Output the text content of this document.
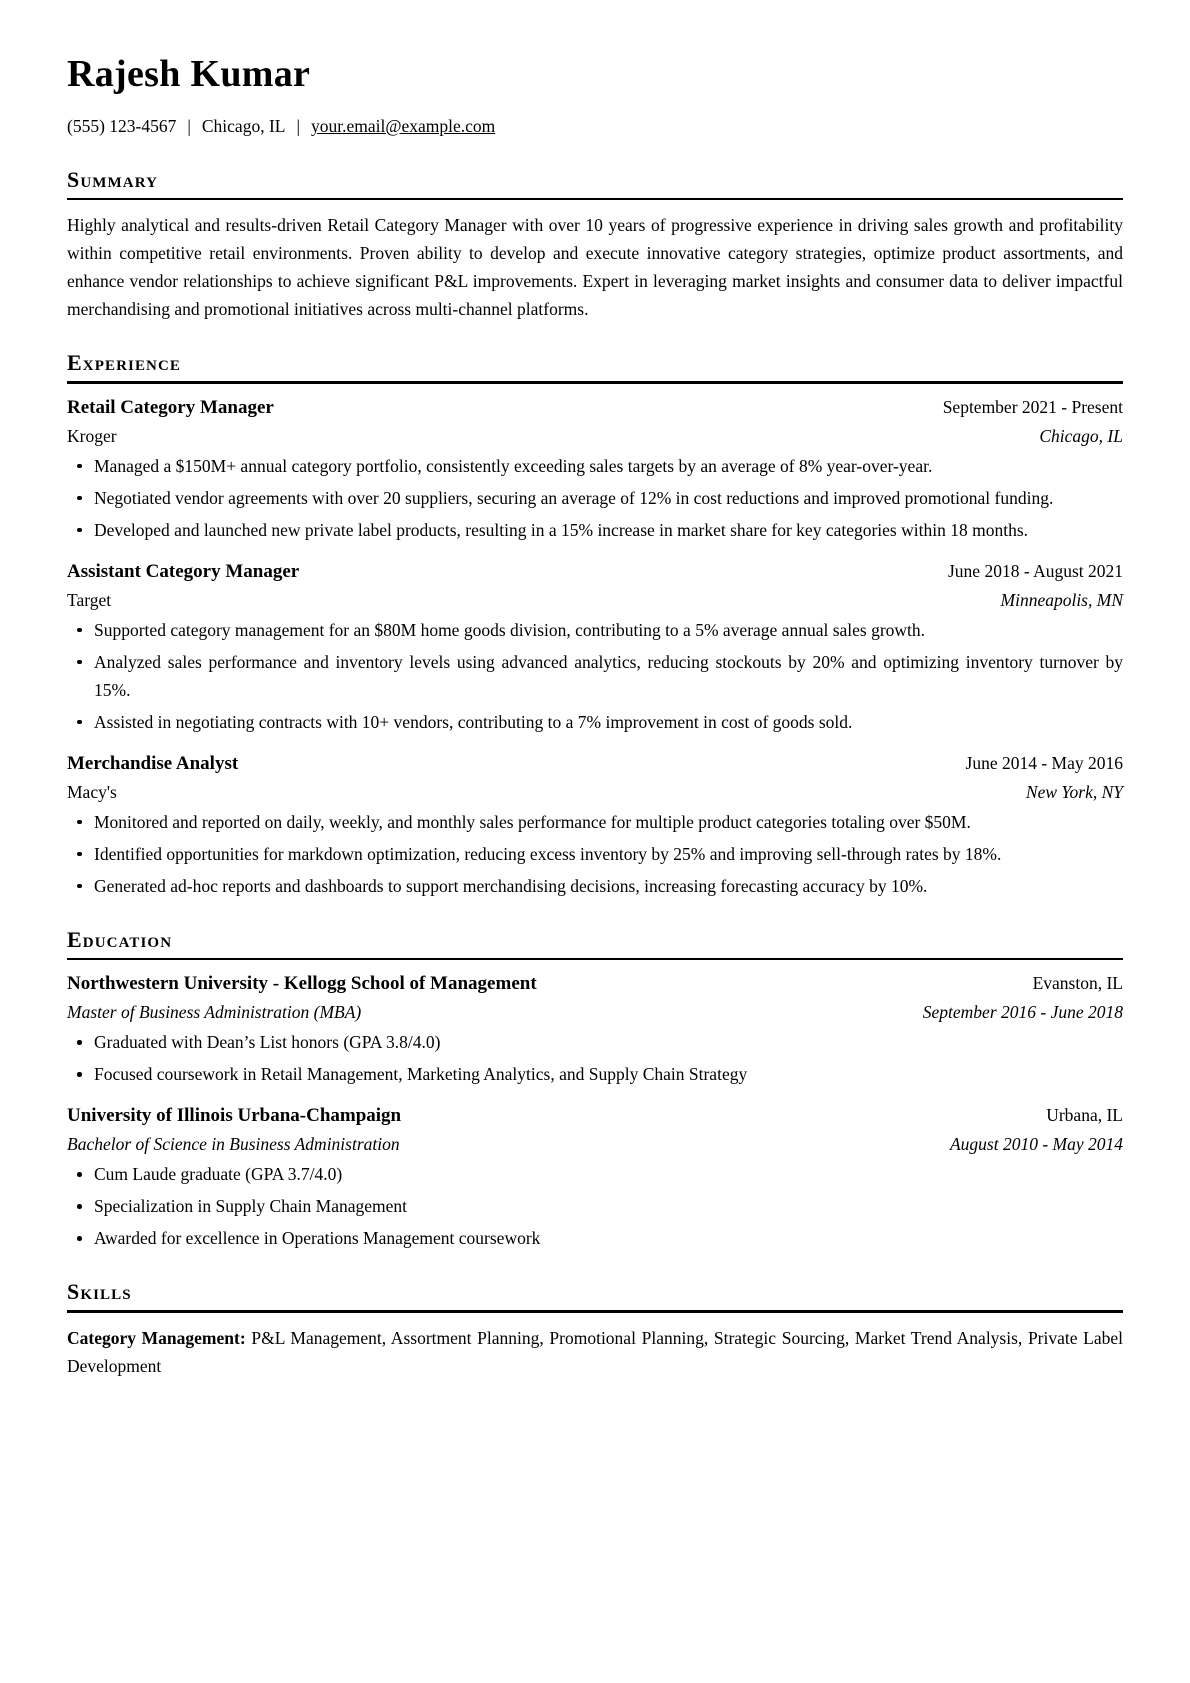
Rajesh Kumar
(555) 123-4567 | Chicago, IL | your.email@example.com
Summary

Highly analytical and results-driven Retail Category Manager with over 10 years of progressive experience in driving sales growth and profitability within competitive retail environments. Proven ability to develop and execute innovative category strategies, optimize product assortments, and enhance vendor relationships to achieve significant P&L improvements. Expert in leveraging market insights and consumer data to deliver impactful merchandising and promotional initiatives across multi-channel platforms.

Experience
Retail Category Manager	September 2021 - Present
Kroger	Chicago, IL
Managed a $150M+ annual category portfolio, consistently exceeding sales targets by an average of 8% year-over-year.
Negotiated vendor agreements with over 20 suppliers, securing an average of 12% in cost reductions and improved promotional funding.
Developed and launched new private label products, resulting in a 15% increase in market share for key categories within 18 months.
Assistant Category Manager	June 2018 - August 2021
Target	Minneapolis, MN
Supported category management for an $80M home goods division, contributing to a 5% average annual sales growth.
Analyzed sales performance and inventory levels using advanced analytics, reducing stockouts by 20% and optimizing inventory turnover by 15%.
Assisted in negotiating contracts with 10+ vendors, contributing to a 7% improvement in cost of goods sold.
Merchandise Analyst	June 2014 - May 2016
Macy's	New York, NY
Monitored and reported on daily, weekly, and monthly sales performance for multiple product categories totaling over $50M.
Identified opportunities for markdown optimization, reducing excess inventory by 25% and improving sell-through rates by 18%.
Generated ad-hoc reports and dashboards to support merchandising decisions, increasing forecasting accuracy by 10%.
Education
Northwestern University - Kellogg School of Management	Evanston, IL
Master of Business Administration (MBA)	September 2016 - June 2018
Graduated with Dean’s List honors (GPA 3.8/4.0)
Focused coursework in Retail Management, Marketing Analytics, and Supply Chain Strategy
University of Illinois Urbana-Champaign	Urbana, IL
Bachelor of Science in Business Administration	August 2010 - May 2014
Cum Laude graduate (GPA 3.7/4.0)
Specialization in Supply Chain Management
Awarded for excellence in Operations Management coursework
Skills

Category Management: P&L Management, Assortment Planning, Promotional Planning, Strategic Sourcing, Market Trend Analysis, Private Label Development
